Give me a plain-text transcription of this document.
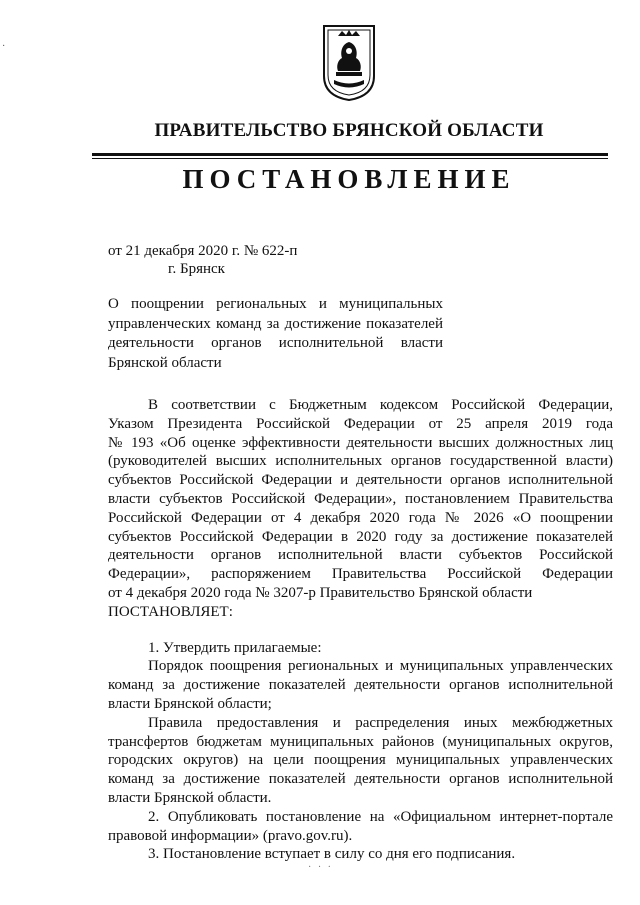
·
ПРАВИТЕЛЬСТВО БРЯНСКОЙ ОБЛАСТИ
ПОСТАНОВЛЕНИЕ
от 21 декабря 2020 г. № 622-п
г. Брянск
О поощрении региональных и муниципальных
управленческих команд за достижение показателей
деятельности органов исполнительной власти
Брянской области
В соответствии с Бюджетным кодексом Российской Федерации,
Указом Президента Российской Федерации от 25 апреля 2019 года
№ 193 «Об оценке эффективности деятельности высших должностных лиц
(руководителей высших исполнительных органов государственной власти)
субъектов Российской Федерации и деятельности органов исполнительной
власти субъектов Российской Федерации», постановлением Правительства
Российской Федерации от 4 декабря 2020 года № 2026 «О поощрении
субъектов Российской Федерации в 2020 году за достижение показателей
деятельности органов исполнительной власти субъектов Российской
Федерации», распоряжением Правительства Российской Федерации
от 4 декабря 2020 года № 3207-р Правительство Брянской области
ПОСТАНОВЛЯЕТ:
1. Утвердить прилагаемые:
Порядок поощрения региональных и муниципальных управленческих
команд за достижение показателей деятельности органов исполнительной
власти Брянской области;
Правила предоставления и распределения иных межбюджетных
трансфертов бюджетам муниципальных районов (муниципальных округов,
городских округов) на цели поощрения муниципальных управленческих
команд за достижение показателей деятельности органов исполнительной
власти Брянской области.
2. Опубликовать постановление на «Официальном интернет-портале
правовой информации» (pravo.gov.ru).
3. Постановление вступает в силу со дня его подписания.
· · ·
